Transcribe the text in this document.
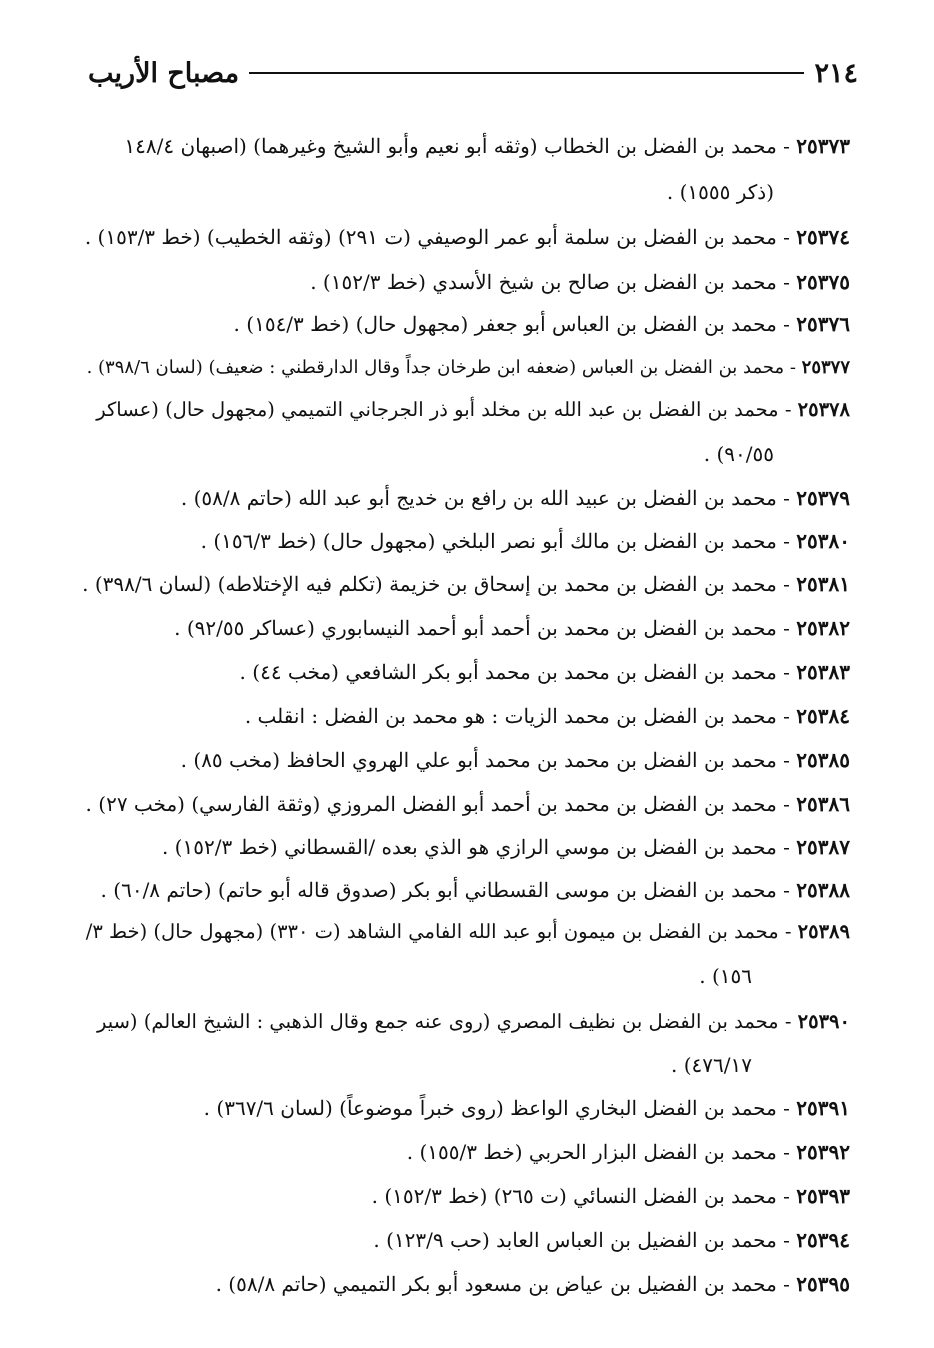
٢١٤
مصباح الأريب
٢٥٣٧٣ - محمد بن الفضل بن الخطاب (وثقه أبو نعيم وأبو الشيخ وغيرهما) (اصبهان ١٤٨/٤
(ذكر ١٥٥٥) .
٢٥٣٧٤ - محمد بن الفضل بن سلمة أبو عمر الوصيفي (ت ٢٩١) (وثقه الخطيب) (خط ١٥٣/٣) .
٢٥٣٧٥ - محمد بن الفضل بن صالح بن شيخ الأسدي (خط ١٥٢/٣) .
٢٥٣٧٦ - محمد بن الفضل بن العباس أبو جعفر (مجهول حال) (خط ١٥٤/٣) .
٢٥٣٧٧ - محمد بن الفضل بن العباس (ضعفه ابن طرخان جداً وقال الدارقطني : ضعيف) (لسان ٣٩٨/٦) .
٢٥٣٧٨ - محمد بن الفضل بن عبد الله بن مخلد أبو ذر الجرجاني التميمي (مجهول حال) (عساكر
٩٠/٥٥) .
٢٥٣٧٩ - محمد بن الفضل بن عبيد الله بن رافع بن خديج أبو عبد الله (حاتم ٥٨/٨) .
٢٥٣٨٠ - محمد بن الفضل بن مالك أبو نصر البلخي (مجهول حال) (خط ١٥٦/٣) .
٢٥٣٨١ - محمد بن الفضل بن محمد بن إسحاق بن خزيمة (تكلم فيه الإختلاطه) (لسان ٣٩٨/٦) .
٢٥٣٨٢ - محمد بن الفضل بن محمد بن أحمد أبو أحمد النيسابوري (عساكر ٩٢/٥٥) .
٢٥٣٨٣ - محمد بن الفضل بن محمد بن محمد أبو بكر الشافعي (مخب ٤٤) .
٢٥٣٨٤ - محمد بن الفضل بن محمد الزيات : هو محمد بن الفضل : انقلب .
٢٥٣٨٥ - محمد بن الفضل بن محمد بن محمد أبو علي الهروي الحافظ (مخب ٨٥) .
٢٥٣٨٦ - محمد بن الفضل بن محمد بن أحمد أبو الفضل المروزي (وثقة الفارسي) (مخب ٢٧) .
٢٥٣٨٧ - محمد بن الفضل بن موسي الرازي هو الذي بعده /القسطاني (خط ١٥٢/٣) .
٢٥٣٨٨ - محمد بن الفضل بن موسى القسطاني أبو بكر (صدوق قاله أبو حاتم) (حاتم ٦٠/٨) .
٢٥٣٨٩ - محمد بن الفضل بن ميمون أبو عبد الله الفامي الشاهد (ت ٣٣٠) (مجهول حال) (خط ٣/
١٥٦) .
٢٥٣٩٠ - محمد بن الفضل بن نظيف المصري (روى عنه جمع وقال الذهبي : الشيخ العالم) (سير
٤٧٦/١٧) .
٢٥٣٩١ - محمد بن الفضل البخاري الواعظ (روى خبراً موضوعاً) (لسان ٣٦٧/٦) .
٢٥٣٩٢ - محمد بن الفضل البزار الحربي (خط ١٥٥/٣) .
٢٥٣٩٣ - محمد بن الفضل النسائي (ت ٢٦٥) (خط ١٥٢/٣) .
٢٥٣٩٤ - محمد بن الفضيل بن العباس العابد (حب ١٢٣/٩) .
٢٥٣٩٥ - محمد بن الفضيل بن عياض بن مسعود أبو بكر التميمي (حاتم ٥٨/٨) .
